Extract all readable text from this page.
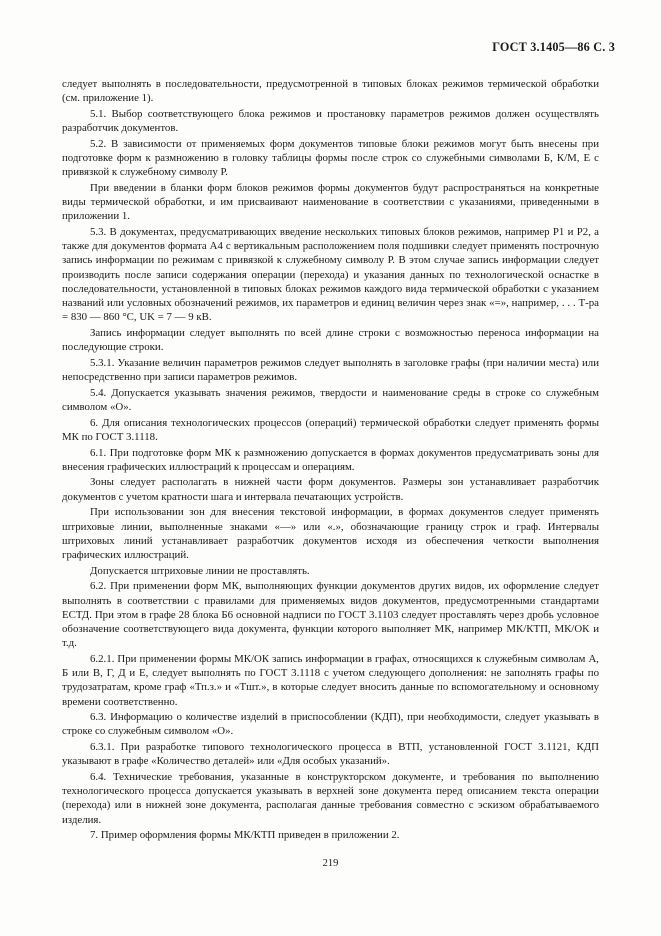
ГОСТ 3.1405—86 С. 3

следует выполнять в последовательности, предусмотренной в типовых блоках режимов термической обработки (см. приложение 1).

5.1. Выбор соответствующего блока режимов и простановку параметров режимов должен осуществлять разработчик документов.

5.2. В зависимости от применяемых форм документов типовые блоки режимов могут быть внесены при подготовке форм к размножению в головку таблицы формы после строк со служебными символами Б, К/М, Е с привязкой к служебному символу Р.

При введении в бланки форм блоков режимов формы документов будут распространяться на конкретные виды термической обработки, и им присваивают наименование в соответствии с указаниями, приведенными в приложении 1.

5.3. В документах, предусматривающих введение нескольких типовых блоков режимов, например Р1 и Р2, а также для документов формата А4 с вертикальным расположением поля подшивки следует применять построчную запись информации по режимам с привязкой к служебному символу Р. В этом случае запись информации следует производить после записи содержания операции (перехода) и указания данных по технологической оснастке в последовательности, установленной в типовых блоках режимов каждого вида термической обработки с указанием названий или условных обозначений режимов, их параметров и единиц величин через знак «=», например, . . . Т-ра = 830 — 860 °С, UK = 7 — 9 кВ.

Запись информации следует выполнять по всей длине строки с возможностью переноса информации на последующие строки.

5.3.1. Указание величин параметров режимов следует выполнять в заголовке графы (при наличии места) или непосредственно при записи параметров режимов.

5.4. Допускается указывать значения режимов, твердости и наименование среды в строке со служебным символом «О».

6. Для описания технологических процессов (операций) термической обработки следует применять формы МК по ГОСТ 3.1118.

6.1. При подготовке форм МК к размножению допускается в формах документов предусматривать зоны для внесения графических иллюстраций к процессам и операциям.

Зоны следует располагать в нижней части форм документов. Размеры зон устанавливает разработчик документов с учетом кратности шага и интервала печатающих устройств.

При использовании зон для внесения текстовой информации, в формах документов следует применять штриховые линии, выполненные знаками «—» или «.», обозначающие границу строк и граф. Интервалы штриховых линий устанавливает разработчик документов исходя из обеспечения четкости выполнения графических иллюстраций.

Допускается штриховые линии не проставлять.

6.2. При применении форм МК, выполняющих функции документов других видов, их оформление следует выполнять в соответствии с правилами для применяемых видов документов, предусмотренными стандартами ЕСТД. При этом в графе 28 блока Б6 основной надписи по ГОСТ 3.1103 следует проставлять через дробь условное обозначение соответствующего вида документа, функции которого выполняет МК, например МК/КТП, МК/ОК и т.д.

6.2.1. При применении формы МК/ОК запись информации в графах, относящихся к служебным символам А, Б или В, Г, Д и Е, следует выполнять по ГОСТ 3.1118 с учетом следующего дополнения: не заполнять графы по трудозатратам, кроме граф «Тп.з.» и «Тшт.», в которые следует вносить данные по вспомогательному и основному времени соответственно.

6.3. Информацию о количестве изделий в приспособлении (КДП), при необходимости, следует указывать в строке со служебным символом «О».

6.3.1. При разработке типового технологического процесса в ВТП, установленной ГОСТ 3.1121, КДП указывают в графе «Количество деталей» или «Для особых указаний».

6.4. Технические требования, указанные в конструкторском документе, и требования по выполнению технологического процесса допускается указывать в верхней зоне документа перед описанием текста операции (перехода) или в нижней зоне документа, располагая данные требования совместно с эскизом обрабатываемого изделия.

7. Пример оформления формы МК/КТП приведен в приложении 2.

219
